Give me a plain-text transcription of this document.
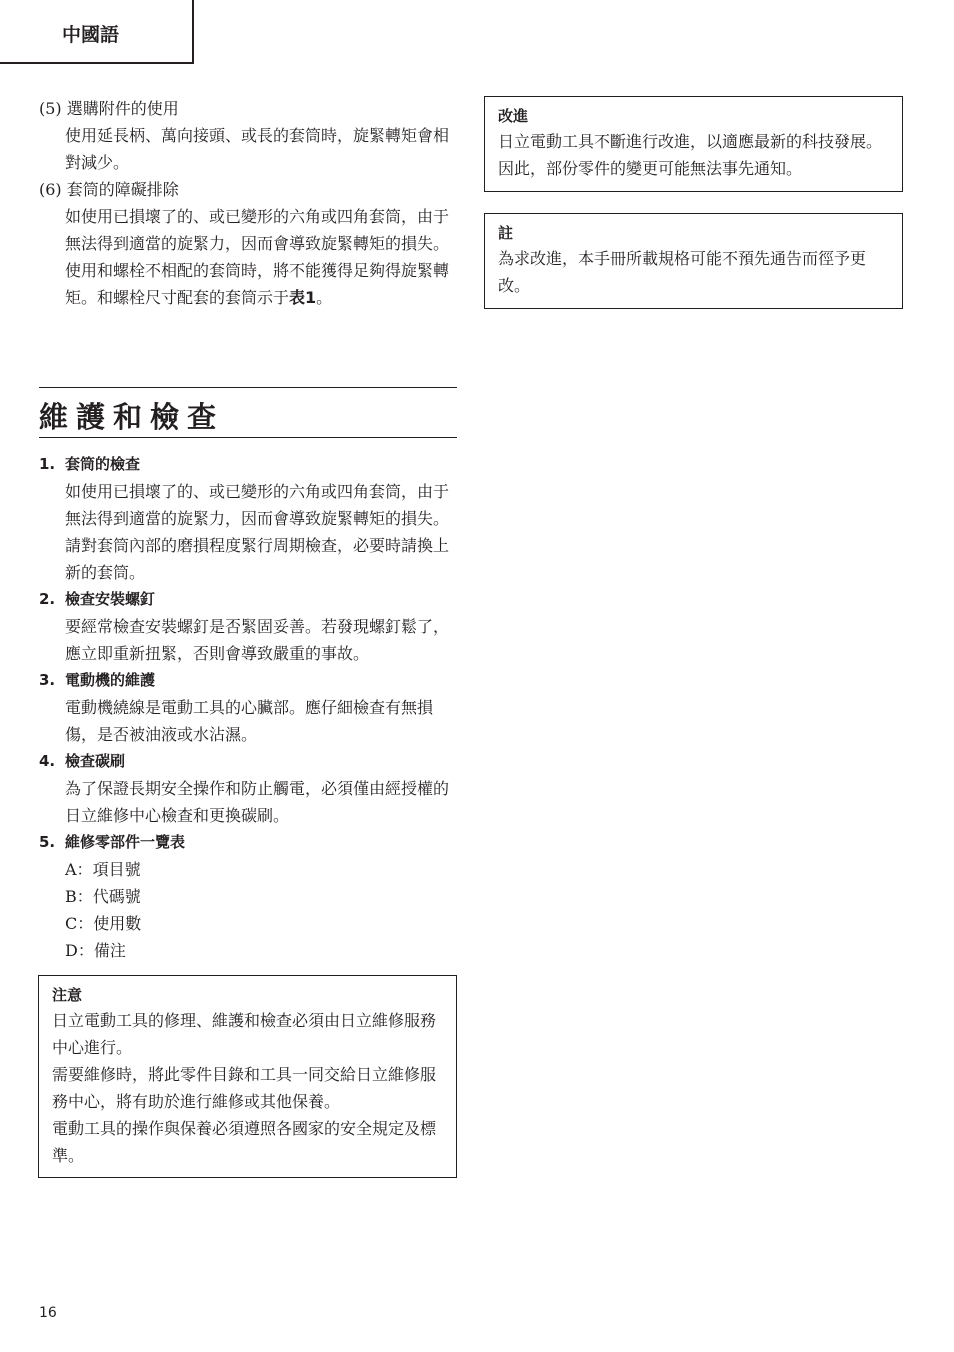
中國語
(5) 選購附件的使用
使用延長柄、萬向接頭、或長的套筒時，旋緊轉矩會相對減少。
(6) 套筒的障礙排除
如使用已損壞了的、或已變形的六角或四角套筒，由于無法得到適當的旋緊力，因而會導致旋緊轉矩的損失。
使用和螺栓不相配的套筒時，將不能獲得足夠得旋緊轉矩。和螺栓尺寸配套的套筒示于表1。
維護和檢查
1. 套筒的檢查
如使用已損壞了的、或已變形的六角或四角套筒，由于無法得到適當的旋緊力，因而會導致旋緊轉矩的損失。請對套筒內部的磨損程度緊行周期檢查，必要時請換上新的套筒。
2. 檢查安裝螺釘
要經常檢查安裝螺釘是否緊固妥善。若發現螺釘鬆了，應立即重新扭緊，否則會導致嚴重的事故。
3. 電動機的維護
電動機繞線是電動工具的心臟部。應仔細檢查有無損傷，是否被油液或水沾濕。
4. 檢查碳刷
為了保證長期安全操作和防止觸電，必須僅由經授權的日立維修中心檢查和更換碳刷。
5. 維修零部件一覽表
A：項目號
B：代碼號
C：使用數
D：備注
注意
日立電動工具的修理、維護和檢查必須由日立維修服務中心進行。
需要維修時，將此零件目錄和工具一同交給日立維修服務中心，將有助於進行維修或其他保養。
電動工具的操作與保養必須遵照各國家的安全規定及標準。
改進
日立電動工具不斷進行改進，以適應最新的科技發展。因此，部份零件的變更可能無法事先通知。
註
為求改進，本手冊所載規格可能不預先通告而徑予更改。
16
